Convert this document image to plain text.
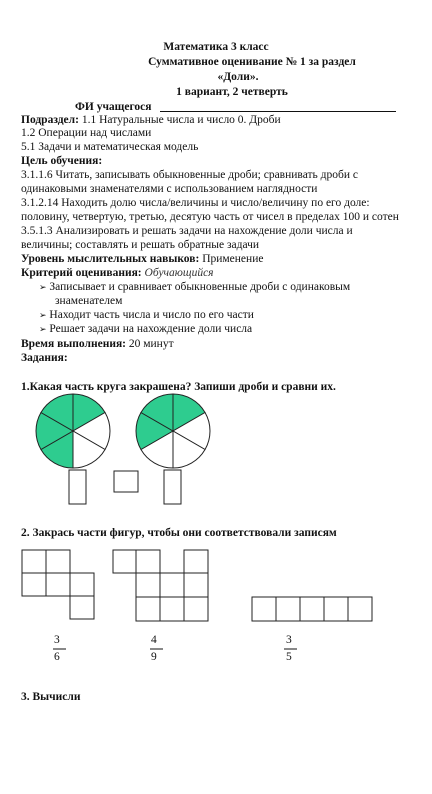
Математика 3 класс
Суммативное оценивание № 1 за раздел
«Доли».
1 вариант, 2 четверть
ФИ учащегося
Подраздел: 1.1 Натуральные числа и число 0. Дроби
1.2 Операции над числами
5.1 Задачи и математическая модель
Цель обучения:
3.1.1.6 Читать, записывать обыкновенные дроби; сравнивать дроби с
одинаковыми знаменателями с использованием наглядности
3.1.2.14 Находить долю числа/величины и число/величину по его доле:
половину, четвертую, третью, десятую часть от чисел в пределах 100 и сотен
3.5.1.3 Анализировать и решать задачи на нахождение доли числа и
величины; составлять и решать обратные задачи
Уровень мыслительных навыков: Применение
Критерий оценивания: Обучающийся
➢ Записывает и сравнивает обыкновенные дроби с одинаковым
знаменателем
➢ Находит часть числа и число по его части
➢ Решает задачи на нахождение доли числа
Время выполнения: 20 минут
Задания:
1.Какая часть круга закрашена? Запиши дроби и сравни их.
2. Закрась части фигур, чтобы они соответствовали записям
3
6
4
9
3
5
3. Вычисли
